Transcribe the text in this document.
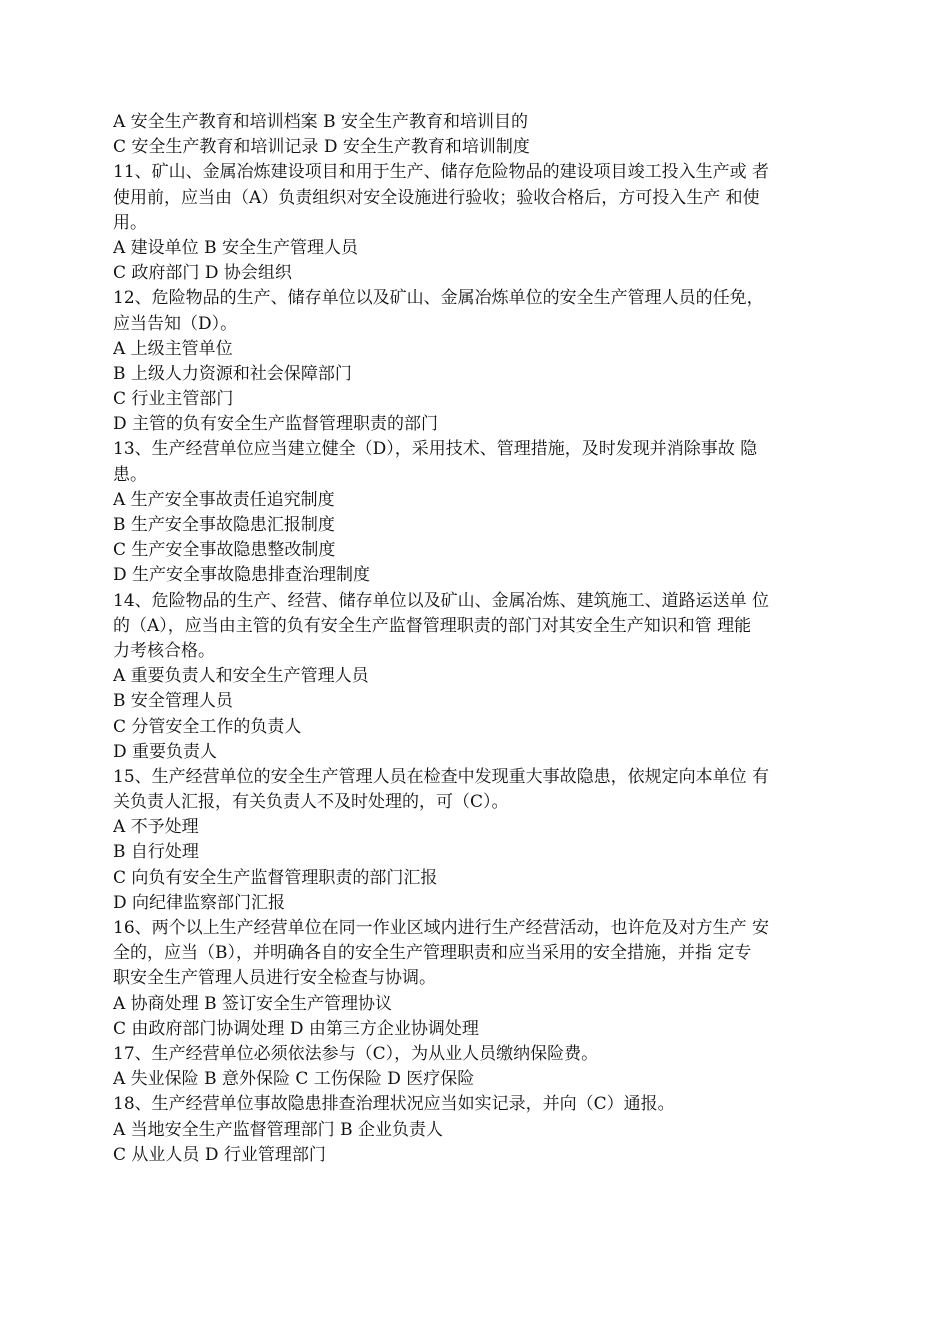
A 安全生产教育和培训档案 B 安全生产教育和培训目的
C 安全生产教育和培训记录 D 安全生产教育和培训制度
11、矿山、金属冶炼建设项目和用于生产、储存危险物品的建设项目竣工投入生产或 者
使用前，应当由（A）负责组织对安全设施进行验收；验收合格后，方可投入生产 和使
用。
A 建设单位 B 安全生产管理人员
C 政府部门 D 协会组织
12、危险物品的生产、储存单位以及矿山、金属冶炼单位的安全生产管理人员的任免，
应当告知（D）。
A 上级主管单位
B 上级人力资源和社会保障部门
C 行业主管部门
D 主管的负有安全生产监督管理职责的部门
13、生产经营单位应当建立健全（D），采用技术、管理措施，及时发现并消除事故 隐
患。
A 生产安全事故责任追究制度
B 生产安全事故隐患汇报制度
C 生产安全事故隐患整改制度
D 生产安全事故隐患排查治理制度
14、危险物品的生产、经营、储存单位以及矿山、金属冶炼、建筑施工、道路运送单 位
的（A），应当由主管的负有安全生产监督管理职责的部门对其安全生产知识和管 理能
力考核合格。
A 重要负责人和安全生产管理人员
B 安全管理人员
C 分管安全工作的负责人
D 重要负责人
15、生产经营单位的安全生产管理人员在检查中发现重大事故隐患，依规定向本单位 有
关负责人汇报，有关负责人不及时处理的，可（C）。
A 不予处理
B 自行处理
C 向负有安全生产监督管理职责的部门汇报
D 向纪律监察部门汇报
16、两个以上生产经营单位在同一作业区域内进行生产经营活动，也许危及对方生产 安
全的，应当（B），并明确各自的安全生产管理职责和应当采用的安全措施，并指 定专
职安全生产管理人员进行安全检查与协调。
A 协商处理 B 签订安全生产管理协议
C 由政府部门协调处理 D 由第三方企业协调处理
17、生产经营单位必须依法参与（C），为从业人员缴纳保险费。
A 失业保险 B 意外保险 C 工伤保险 D 医疗保险
18、生产经营单位事故隐患排查治理状况应当如实记录，并向（C）通报。
A 当地安全生产监督管理部门 B 企业负责人
C 从业人员 D 行业管理部门
